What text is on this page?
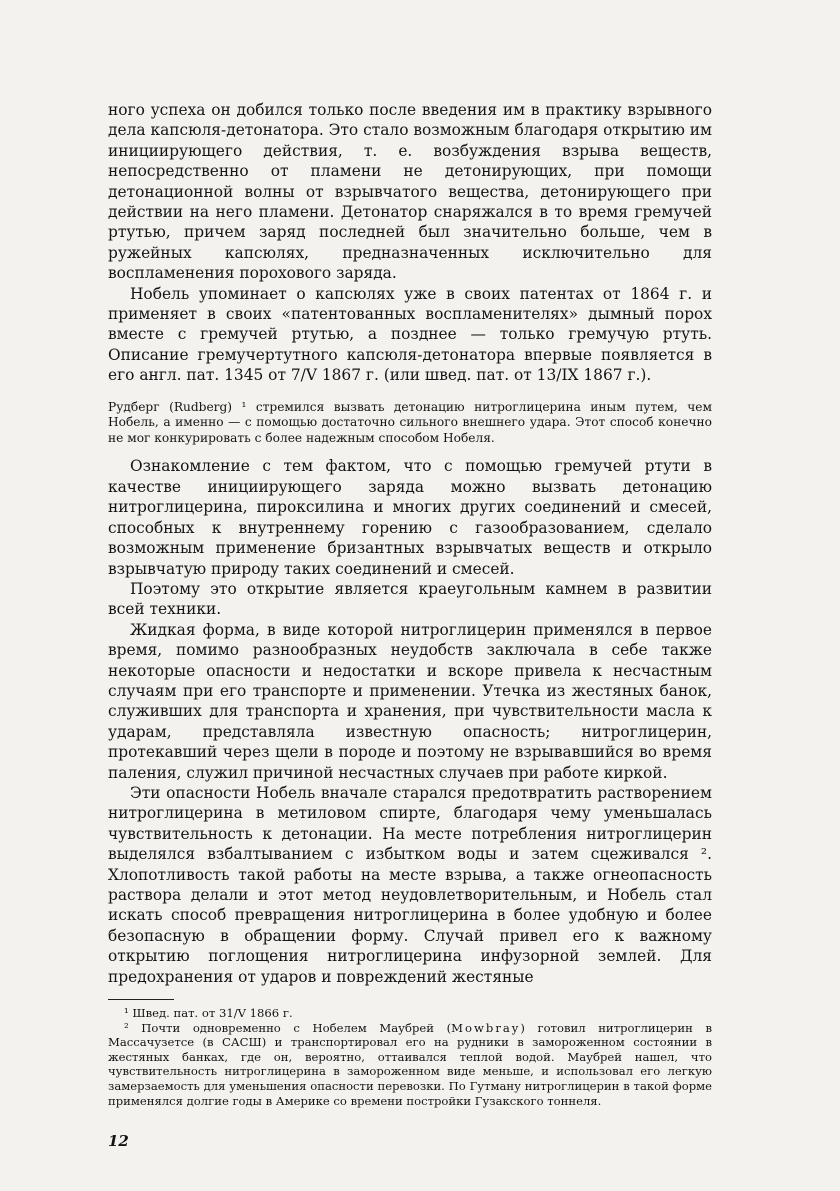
ного успеха он добился только после введения им в практику взрывного дела капсюля-детонатора. Это стало возможным благодаря открытию им инициирующего действия, т. е. возбуждения взрыва веществ, непосредственно от пламени не детонирующих, при помощи детонационной волны от взрывчатого вещества, детонирующего при действии на него пламени. Детонатор снаряжался в то время гремучей ртутью, причем заряд последней был значительно больше, чем в ружейных капсюлях, предназначенных исключительно для воспламенения порохового заряда.

Нобель упоминает о капсюлях уже в своих патентах от 1864 г. и применяет в своих «патентованных воспламенителях» дымный порох вместе с гремучей ртутью, а позднее — только гремучую ртуть. Описание гремучертутного капсюля-детонатора впервые появляется в его англ. пат. 1345 от 7/V 1867 г. (или швед. пат. от 13/IX 1867 г.).

Рудберг (Rudberg) ¹ стремился вызвать детонацию нитроглицерина иным путем, чем Нобель, а именно — с помощью достаточно сильного внешнего удара. Этот способ конечно не мог конкурировать с более надежным способом Нобеля.

Ознакомление с тем фактом, что с помощью гремучей ртути в качестве инициирующего заряда можно вызвать детонацию нитроглицерина, пироксилина и многих других соединений и смесей, способных к внутреннему горению с газообразованием, сделало возможным применение бризантных взрывчатых веществ и открыло взрывчатую природу таких соединений и смесей.

Поэтому это открытие является краеугольным камнем в развитии всей техники.

Жидкая форма, в виде которой нитроглицерин применялся в первое время, помимо разнообразных неудобств заключала в себе также некоторые опасности и недостатки и вскоре привела к несчастным случаям при его транспорте и применении. Утечка из жестяных банок, служивших для транспорта и хранения, при чувствительности масла к ударам, представляла известную опасность; нитроглицерин, протекавший через щели в породе и поэтому не взрывавшийся во время паления, служил причиной несчастных случаев при работе киркой.

Эти опасности Нобель вначале старался предотвратить растворением нитроглицерина в метиловом спирте, благодаря чему уменьшалась чувствительность к детонации. На месте потребления нитроглицерин выделялся взбалтыванием с избытком воды и затем сцеживался ². Хлопотливость такой работы на месте взрыва, а также огнеопасность раствора делали и этот метод неудовлетворительным, и Нобель стал искать способ превращения нитроглицерина в более удобную и более безопасную в обращении форму. Случай привел его к важному открытию поглощения нитроглицерина инфузорной землей. Для предохранения от ударов и повреждений жестяные

¹ Швед. пат. от 31/V 1866 г.

² Почти одновременно с Нобелем Маубрей (Mowbray) готовил нитроглицерин в Массачузетсе (в САСШ) и транспортировал его на рудники в замороженном состоянии в жестяных банках, где он, вероятно, оттаивался теплой водой. Маубрей нашел, что чувствительность нитроглицерина в замороженном виде меньше, и использовал его легкую замерзаемость для уменьшения опасности перевозки. По Гутману нитроглицерин в такой форме применялся долгие годы в Америке со времени постройки Гузакского тоннеля.

12
